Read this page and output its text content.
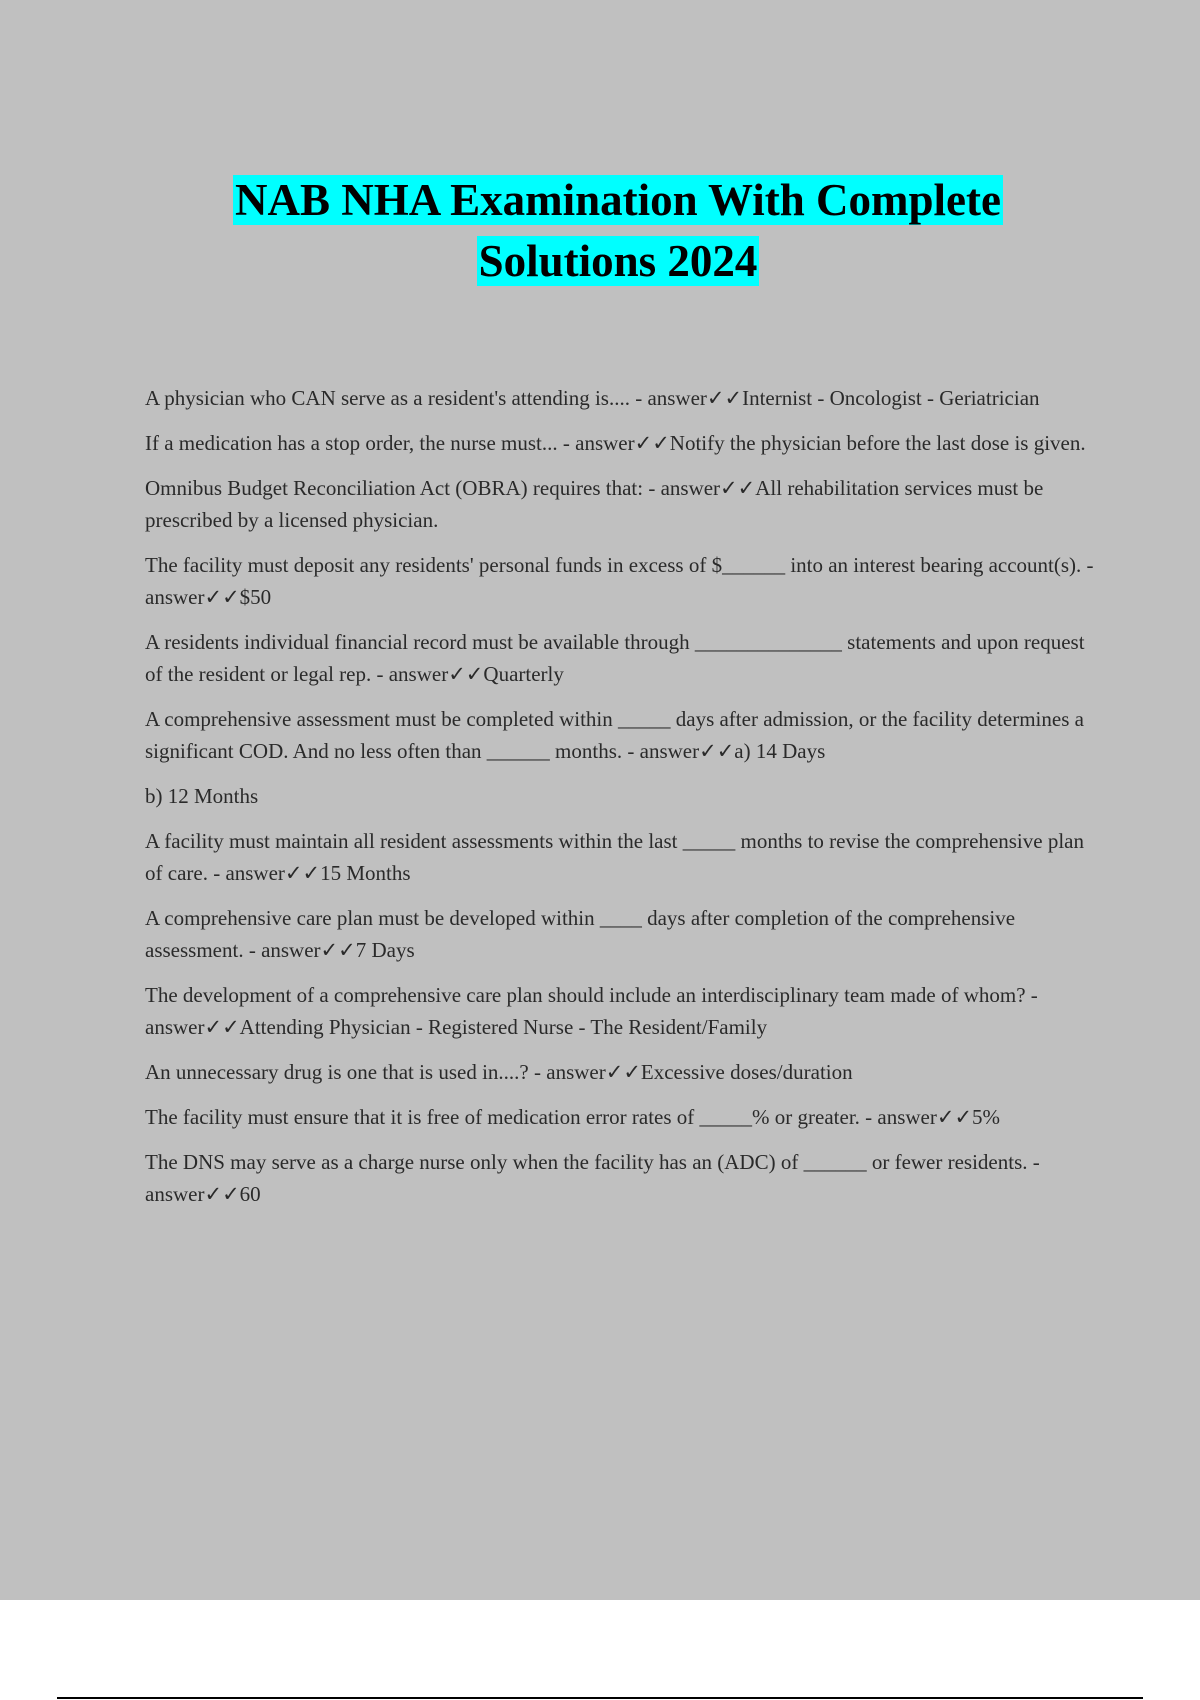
NAB NHA Examination With Complete
Solutions 2024

A physician who CAN serve as a resident's attending is.... - answer✓✓Internist - Oncologist - Geriatrician

If a medication has a stop order, the nurse must... - answer✓✓Notify the physician before the last dose is given.

Omnibus Budget Reconciliation Act (OBRA) requires that: - answer✓✓All rehabilitation services must be prescribed by a licensed physician.

The facility must deposit any residents' personal funds in excess of $______ into an interest bearing account(s). - answer✓✓$50

A residents individual financial record must be available through ______________ statements and upon request of the resident or legal rep. - answer✓✓Quarterly

A comprehensive assessment must be completed within _____ days after admission, or the facility determines a significant COD. And no less often than ______ months. - answer✓✓a) 14 Days

b) 12 Months

A facility must maintain all resident assessments within the last _____ months to revise the comprehensive plan of care. - answer✓✓15 Months

A comprehensive care plan must be developed within ____ days after completion of the comprehensive assessment. - answer✓✓7 Days

The development of a comprehensive care plan should include an interdisciplinary team made of whom? - answer✓✓Attending Physician - Registered Nurse - The Resident/Family

An unnecessary drug is one that is used in....? - answer✓✓Excessive doses/duration

The facility must ensure that it is free of medication error rates of _____% or greater. - answer✓✓5%

The DNS may serve as a charge nurse only when the facility has an (ADC) of ______ or fewer residents. - answer✓✓60
